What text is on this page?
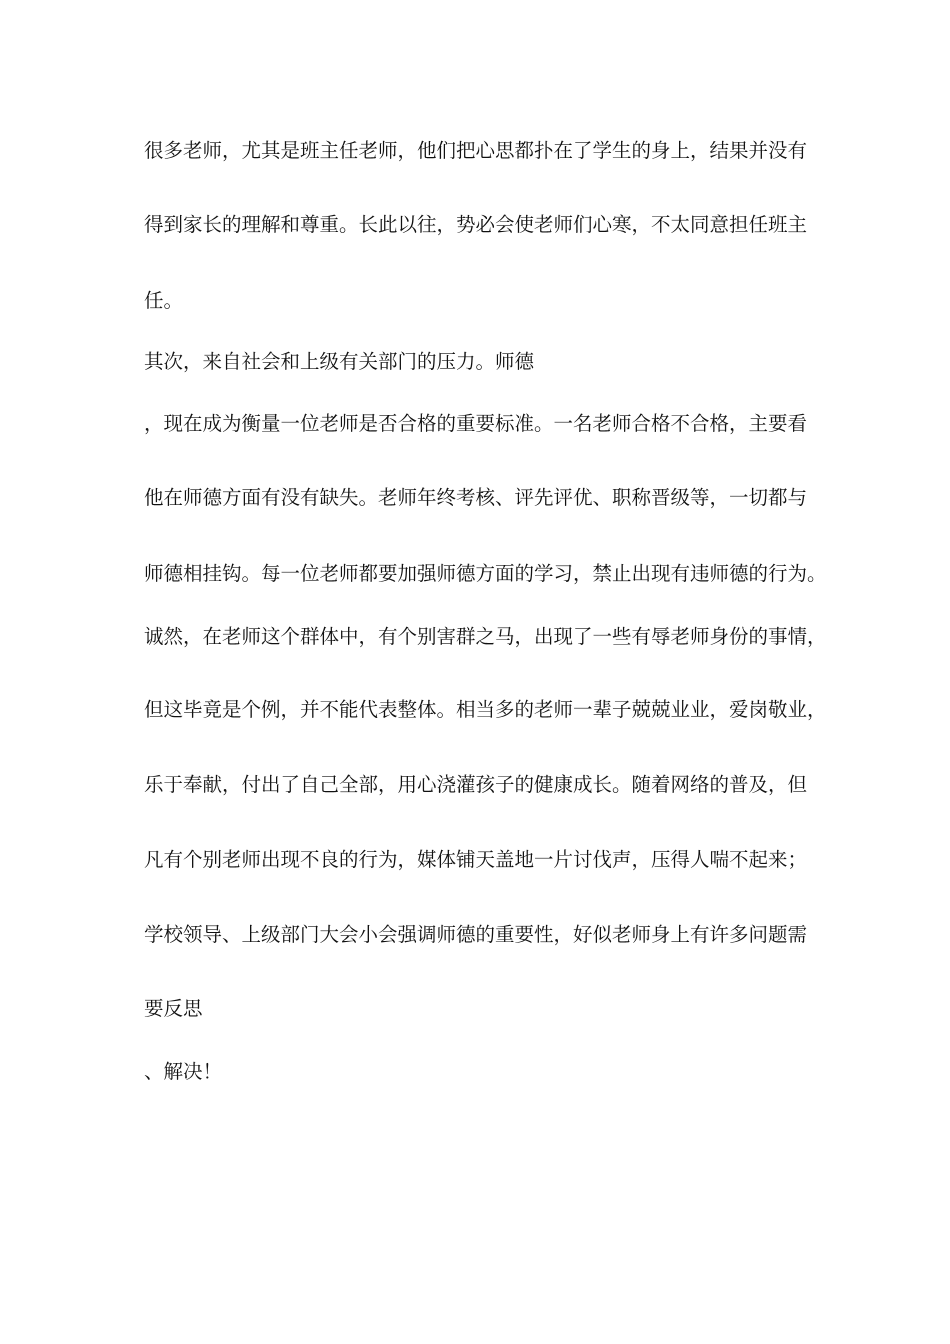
很多老师，尤其是班主任老师，他们把心思都扑在了学生的身上，结果并没有
得到家长的理解和尊重。长此以往，势必会使老师们心寒，不太同意担任班主
任。
其次，来自社会和上级有关部门的压力。师德
，现在成为衡量一位老师是否合格的重要标准。一名老师合格不合格，主要看
他在师德方面有没有缺失。老师年终考核、评先评优、职称晋级等，一切都与
师德相挂钩。每一位老师都要加强师德方面的学习，禁止出现有违师德的行为。
诚然，在老师这个群体中，有个别害群之马，出现了一些有辱老师身份的事情，
但这毕竟是个例，并不能代表整体。相当多的老师一辈子兢兢业业，爱岗敬业，
乐于奉献，付出了自己全部，用心浇灌孩子的健康成长。随着网络的普及，但
凡有个别老师出现不良的行为，媒体铺天盖地一片讨伐声，压得人喘不起来；
学校领导、上级部门大会小会强调师德的重要性，好似老师身上有许多问题需
要反思
、解决！
